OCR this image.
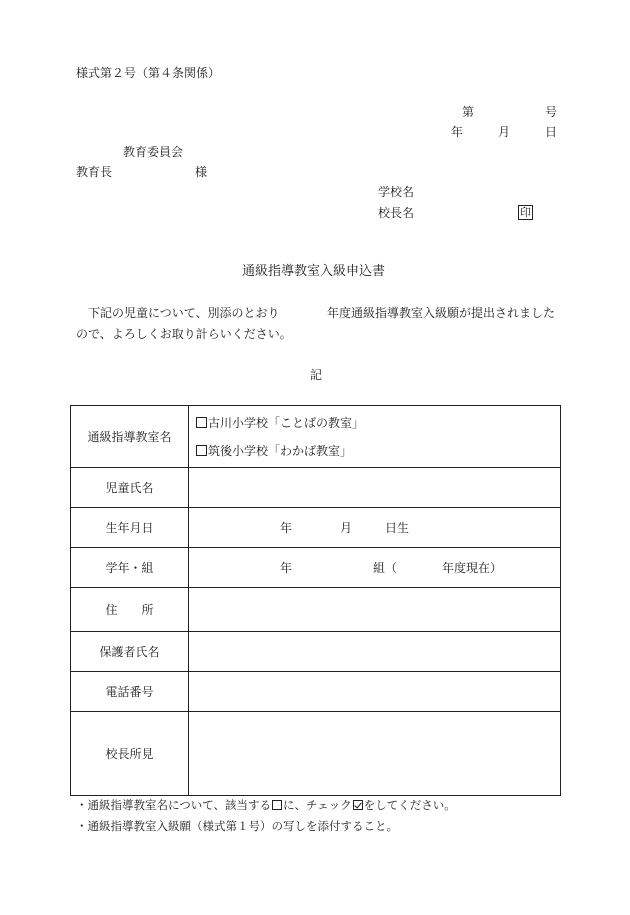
様式第２号（第４条関係）
第	号
年	月	日
教育委員会
教育長	様
学校名
校長名	印
通級指導教室入級申込書
下記の児童について、別添のとおり	年度通級指導教室入級願が提出されました
ので、よろしくお取り計らいください。
記
通級指導教室名	古川小学校「ことばの教室」
筑後小学校「わかば教室」

児童氏名	
生年月日	年 月 日生

学年・組	年 組（ 年度現在）

住　　所	
保護者氏名	
電話番号	
校長所見	
・通級指導教室名について、該当する に、チェック をしてください。
・通級指導教室入級願（様式第１号）の写しを添付すること。
